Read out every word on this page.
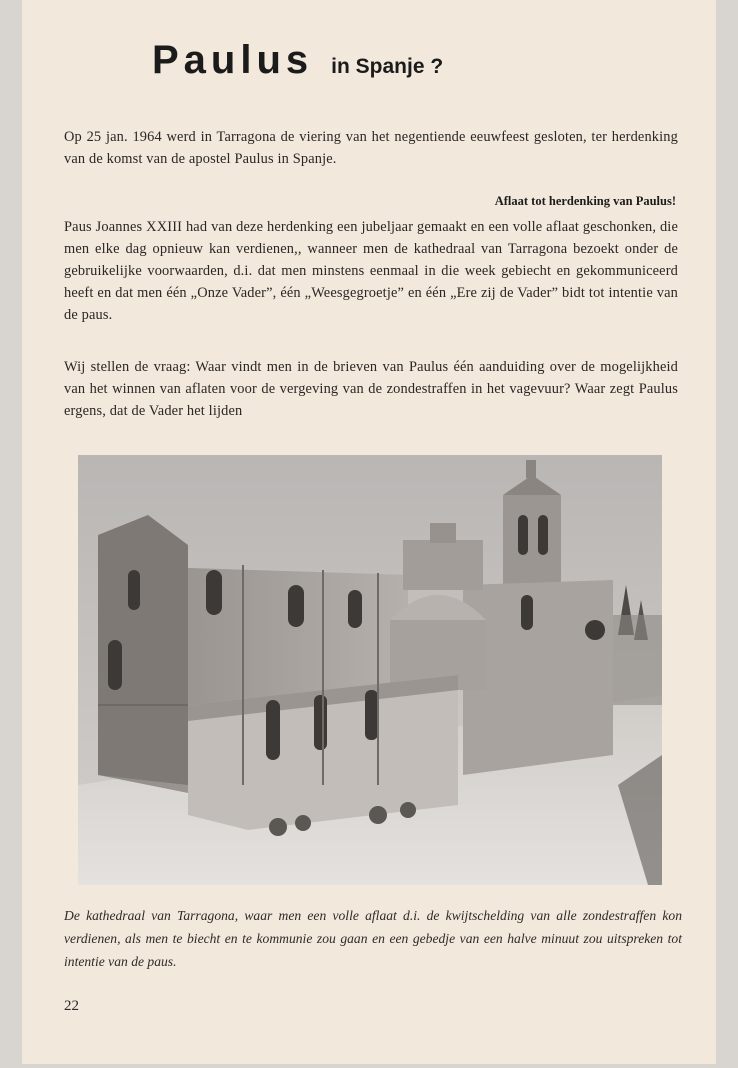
Paulus in Spanje ?
Op 25 jan. 1964 werd in Tarragona de viering van het negentiende eeuwfeest gesloten, ter herdenking van de komst van de apostel Paulus in Spanje.
Aflaat tot herdenking van Paulus!
Paus Joannes XXIII had van deze herdenking een jubeljaar gemaakt en een volle aflaat geschonken, die men elke dag opnieuw kan verdienen,, wanneer men de kathedraal van Tarragona bezoekt onder de gebruikelijke voorwaarden, d.i. dat men minstens eenmaal in die week gebiecht en gekommuniceerd heeft en dat men één „Onze Vader”, één „Weesgegroetje” en één „Ere zij de Vader” bidt tot intentie van de paus.
Wij stellen de vraag: Waar vindt men in de brieven van Paulus één aanduiding over de mogelijkheid van het winnen van aflaten voor de vergeving van de zondestraffen in het vagevuur? Waar zegt Paulus ergens, dat de Vader het lijden
De kathedraal van Tarragona, waar men een volle aflaat d.i. de kwijtschelding van alle zondestraffen kon verdienen, als men te biecht en te kommunie zou gaan en een gebedje van een halve minuut zou uitspreken tot intentie van de paus.
22
